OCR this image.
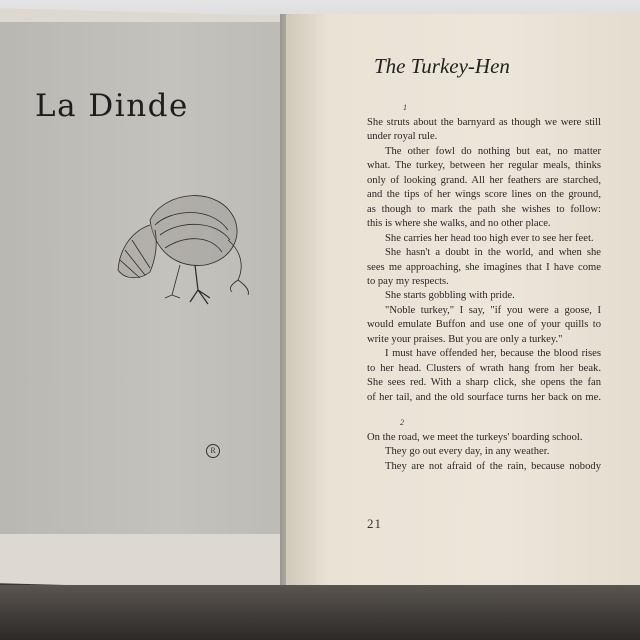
La Dinde
R
The Turkey-Hen
1
She struts about the barnyard as though we were still
under royal rule.
The other fowl do nothing but eat, no matter
what. The turkey, between her regular meals, thinks
only of looking grand. All her feathers are starched,
and the tips of her wings score lines on the ground,
as though to mark the path she wishes to follow:
this is where she walks, and no other place.
She carries her head too high ever to see her feet.
She hasn't a doubt in the world, and when she
sees me approaching, she imagines that I have come
to pay my respects.
She starts gobbling with pride.
"Noble turkey," I say, "if you were a goose, I
would emulate Buffon and use one of your quills to
write your praises. But you are only a turkey."
I must have offended her, because the blood rises
to her head. Clusters of wrath hang from her beak.
She sees red. With a sharp click, she opens the fan
of her tail, and the old sourface turns her back on me.
2
On the road, we meet the turkeys' boarding school.
They go out every day, in any weather.
They are not afraid of the rain, because nobody
21
